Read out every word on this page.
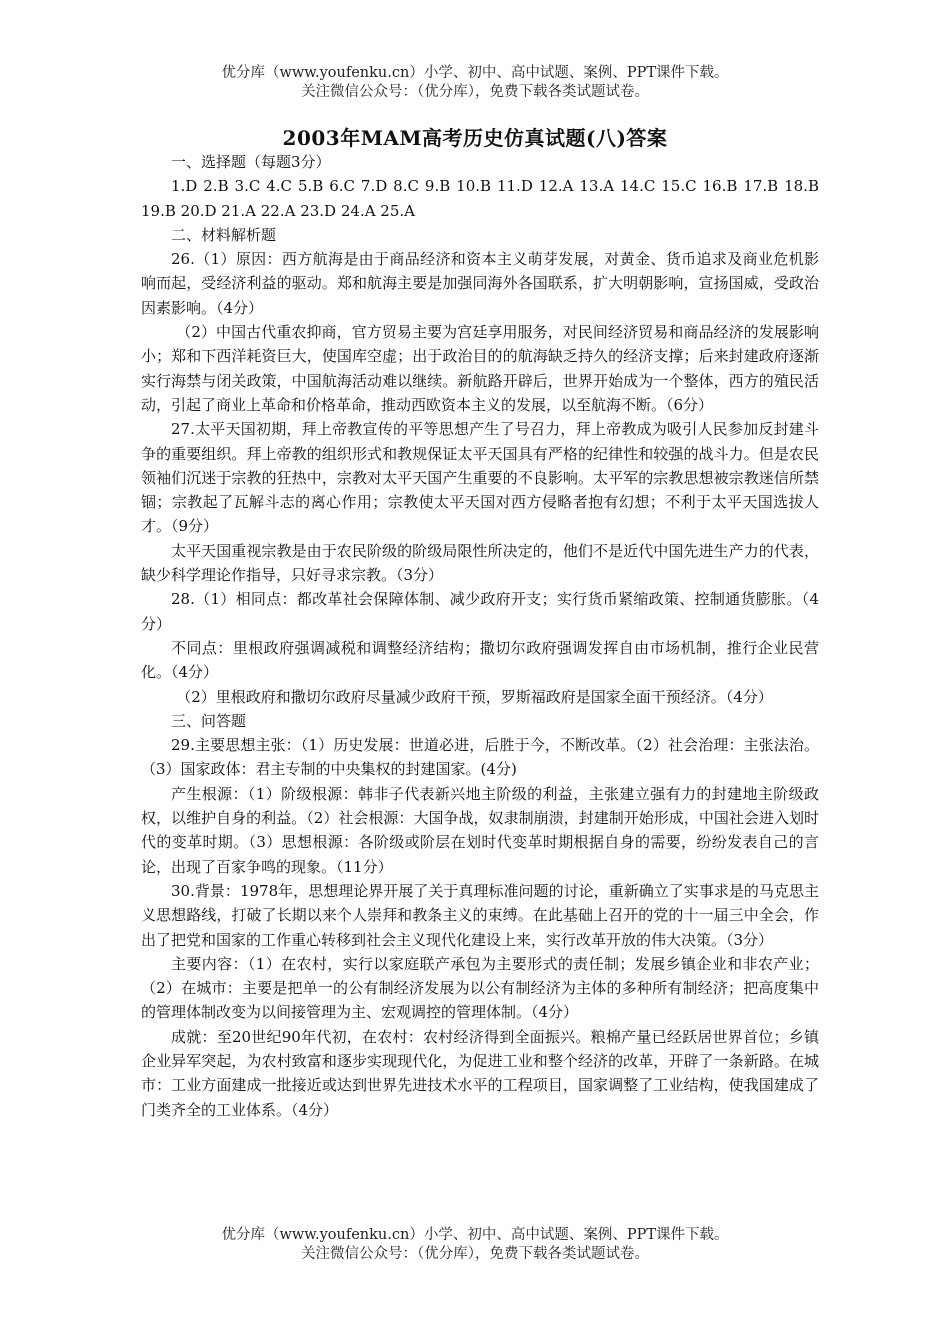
优分库（www.youfenku.cn）小学、初中、高中试题、案例、PPT课件下载。
关注微信公众号：（优分库），免费下载各类试题试卷。
2003年MAM高考历史仿真试题(八)答案

一、选择题（每题3分）

1.D 2.B 3.C 4.C 5.B 6.C 7.D 8.C 9.B 10.B 11.D 12.A 13.A 14.C 15.C 16.B 17.B 18.B 19.B 20.D 21.A 22.A 23.D 24.A 25.A

二、材料解析题

26.（1）原因：西方航海是由于商品经济和资本主义萌芽发展，对黄金、货币追求及商业危机影响而起，受经济利益的驱动。郑和航海主要是加强同海外各国联系，扩大明朝影响，宣扬国威，受政治因素影响。（4分）

（2）中国古代重农抑商，官方贸易主要为宫廷享用服务，对民间经济贸易和商品经济的发展影响小；郑和下西洋耗资巨大，使国库空虚；出于政治目的的航海缺乏持久的经济支撑；后来封建政府逐渐实行海禁与闭关政策，中国航海活动难以继续。新航路开辟后，世界开始成为一个整体，西方的殖民活动，引起了商业上革命和价格革命，推动西欧资本主义的发展，以至航海不断。（6分）

27.太平天国初期，拜上帝教宣传的平等思想产生了号召力，拜上帝教成为吸引人民参加反封建斗争的重要组织。拜上帝教的组织形式和教规保证太平天国具有严格的纪律性和较强的战斗力。但是农民领袖们沉迷于宗教的狂热中，宗教对太平天国产生重要的不良影响。太平军的宗教思想被宗教迷信所禁锢；宗教起了瓦解斗志的离心作用；宗教使太平天国对西方侵略者抱有幻想；不利于太平天国选拔人才。（9分）

太平天国重视宗教是由于农民阶级的阶级局限性所决定的，他们不是近代中国先进生产力的代表，缺少科学理论作指导，只好寻求宗教。（3分）

28.（1）相同点：都改革社会保障体制、减少政府开支；实行货币紧缩政策、控制通货膨胀。（4分）

不同点：里根政府强调减税和调整经济结构；撒切尔政府强调发挥自由市场机制，推行企业民营化。（4分）

（2）里根政府和撒切尔政府尽量减少政府干预，罗斯福政府是国家全面干预经济。（4分）

三、问答题

29.主要思想主张：（1）历史发展：世道必进，后胜于今，不断改革。（2）社会治理：主张法治。（3）国家政体：君主专制的中央集权的封建国家。(4分)

产生根源：（1）阶级根源：韩非子代表新兴地主阶级的利益，主张建立强有力的封建地主阶级政权，以维护自身的利益。（2）社会根源：大国争战，奴隶制崩溃，封建制开始形成，中国社会进入划时代的变革时期。（3）思想根源：各阶级或阶层在划时代变革时期根据自身的需要，纷纷发表自己的言论，出现了百家争鸣的现象。（11分）

30.背景：1978年，思想理论界开展了关于真理标准问题的讨论，重新确立了实事求是的马克思主义思想路线，打破了长期以来个人崇拜和教条主义的束缚。在此基础上召开的党的十一届三中全会，作出了把党和国家的工作重心转移到社会主义现代化建设上来，实行改革开放的伟大决策。（3分）

主要内容：（1）在农村，实行以家庭联产承包为主要形式的责任制；发展乡镇企业和非农产业；（2）在城市：主要是把单一的公有制经济发展为以公有制经济为主体的多种所有制经济；把高度集中的管理体制改变为以间接管理为主、宏观调控的管理体制。（4分）

成就：至20世纪90年代初，在农村：农村经济得到全面振兴。粮棉产量已经跃居世界首位；乡镇企业异军突起，为农村致富和逐步实现现代化，为促进工业和整个经济的改革，开辟了一条新路。在城市：工业方面建成一批接近或达到世界先进技术水平的工程项目，国家调整了工业结构，使我国建成了门类齐全的工业体系。（4分）

优分库（www.youfenku.cn）小学、初中、高中试题、案例、PPT课件下载。
关注微信公众号：（优分库），免费下载各类试题试卷。
